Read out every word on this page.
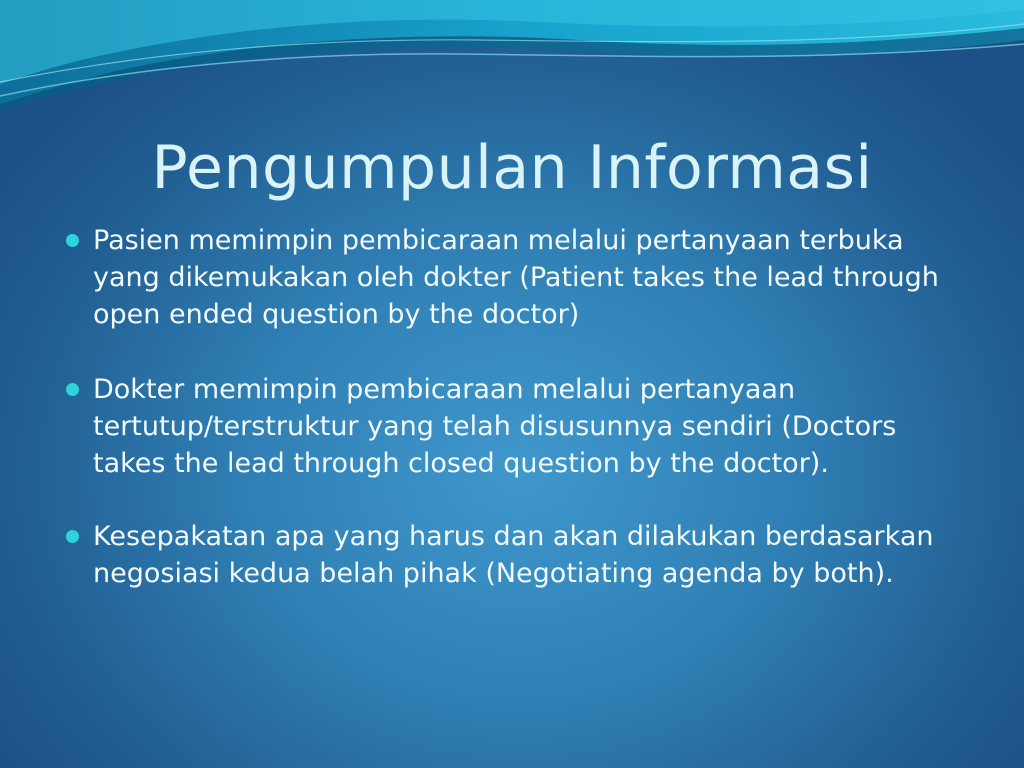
Pengumpulan Informasi
Pasien memimpin pembicaraan melalui pertanyaan terbuka yang dikemukakan oleh dokter (Patient takes the lead through open ended question by the doctor)
Dokter memimpin pembicaraan melalui pertanyaan tertutup/terstruktur yang telah disusunnya sendiri (Doctors takes the lead through closed question by the doctor).
Kesepakatan apa yang harus dan akan dilakukan berdasarkan negosiasi kedua belah pihak (Negotiating agenda by both).
